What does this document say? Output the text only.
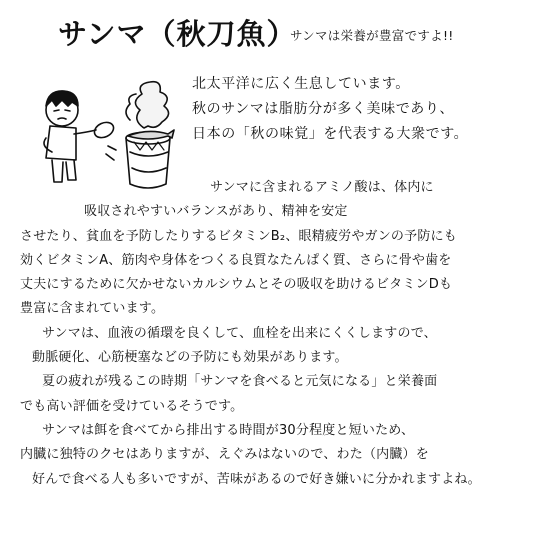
サンマ（秋刀魚）
サンマは栄養が豊富ですよ!!
北太平洋に広く生息しています。
秋のサンマは脂肪分が多く美味であり、
日本の「秋の味覚」を代表する大衆です。
サンマに含まれるアミノ酸は、体内に
吸収されやすいバランスがあり、精神を安定
させたり、貧血を予防したりするビタミンB₂、眼精疲労やガンの予防にも
効くビタミンA、筋肉や身体をつくる良質なたんぱく質、さらに骨や歯を
丈夫にするために欠かせないカルシウムとその吸収を助けるビタミンDも
豊富に含まれています。
サンマは、血液の循環を良くして、血栓を出来にくくしますので、
動脈硬化、心筋梗塞などの予防にも効果があります。
夏の疲れが残るこの時期「サンマを食べると元気になる」と栄養面
でも高い評価を受けているそうです。
サンマは餌を食べてから排出する時間が30分程度と短いため、
内臓に独特のクセはありますが、えぐみはないので、わた（内臓）を
好んで食べる人も多いですが、苦味があるので好き嫌いに分かれますよね。
